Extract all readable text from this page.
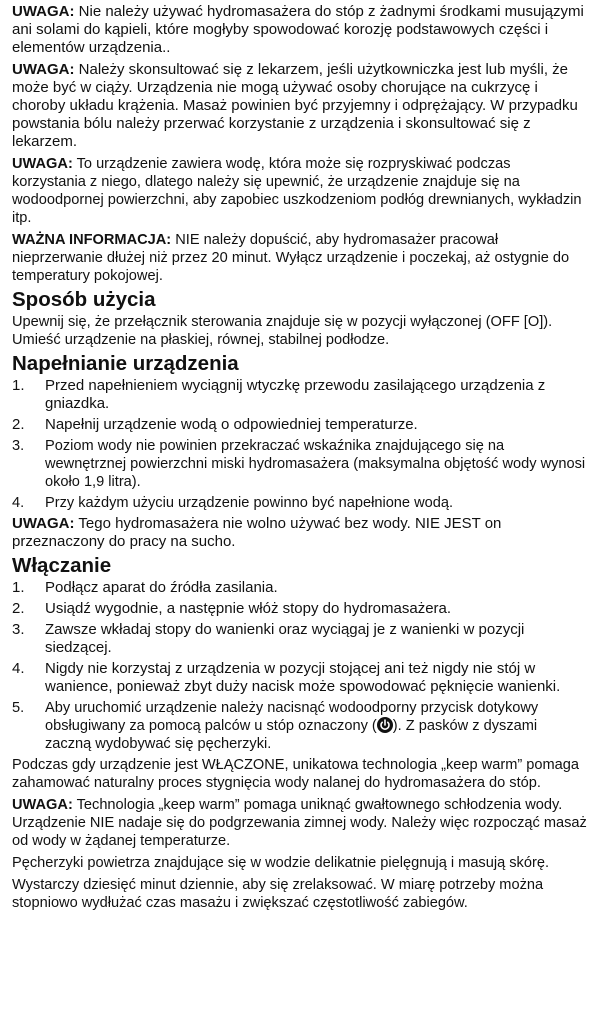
UWAGA: Nie należy używać hydromasażera do stóp z żadnymi środkami musujązymi ani solami do kąpieli, które mogłyby spowodować korozję podstawowych części i elementów urządzenia..

UWAGA: Należy skonsultować się z lekarzem, jeśli użytkowniczka jest lub myśli, że może być w ciąży. Urządzenia nie mogą używać osoby chorujące na cukrzycę i choroby układu krążenia. Masaż powinien być przyjemny i odprężający. W przypadku powstania bólu należy przerwać korzystanie z urządzenia i skonsultować się z lekarzem.

UWAGA: To urządzenie zawiera wodę, która może się rozpryskiwać podczas korzystania z niego, dlatego należy się upewnić, że urządzenie znajduje się na wodoodpornej powierzchni, aby zapobiec uszkodzeniom podłóg drewnianych, wykładzin itp.

WAŻNA INFORMACJA: NIE należy dopuścić, aby hydromasażer pracował nieprzerwanie dłużej niż przez 20 minut. Wyłącz urządzenie i poczekaj, aż ostygnie do temperatury pokojowej.

Sposób użycia

Upewnij się, że przełącznik sterowania znajduje się w pozycji wyłączonej (OFF [O]). Umieść urządzenie na płaskiej, równej, stabilnej podłodze.

Napełnianie urządzenia
1. Przed napełnieniem wyciągnij wtyczkę przewodu zasilającego urządzenia z gniazdka.
2. Napełnij urządzenie wodą o odpowiedniej temperaturze.
3. Poziom wody nie powinien przekraczać wskaźnika znajdującego się na wewnętrznej powierzchni miski hydromasażera (maksymalna objętość wody wynosi około 1,9 litra).
4. Przy każdym użyciu urządzenie powinno być napełnione wodą.

UWAGA: Tego hydromasażera nie wolno używać bez wody. NIE JEST on przeznaczony do pracy na sucho.

Włączanie
1. Podłącz aparat do źródła zasilania.
2. Usiądź wygodnie, a następnie włóż stopy do hydromasażera.
3. Zawsze wkładaj stopy do wanienki oraz wyciągaj je z wanienki w pozycji siedzącej.
4. Nigdy nie korzystaj z urządzenia w pozycji stojącej ani też nigdy nie stój w wanience, ponieważ zbyt duży nacisk może spowodować pęknięcie wanienki.
5. Aby uruchomić urządzenie należy nacisnąć wodoodporny przycisk dotykowy obsługiwany za pomocą palców u stóp oznaczony ( ). Z pasków z dyszami zaczną wydobywać się pęcherzyki.

Podczas gdy urządzenie jest WŁĄCZONE, unikatowa technologia „keep warm” pomaga zahamować naturalny proces stygnięcia wody nalanej do hydromasażera do stóp.

UWAGA: Technologia „keep warm” pomaga uniknąć gwałtownego schłodzenia wody. Urządzenie NIE nadaje się do podgrzewania zimnej wody. Należy więc rozpocząć masaż od wody w żądanej temperaturze.

Pęcherzyki powietrza znajdujące się w wodzie delikatnie pielęgnują i masują skórę.

Wystarczy dziesięć minut dziennie, aby się zrelaksować. W miarę potrzeby można stopniowo wydłużać czas masażu i zwiększać częstotliwość zabiegów.
